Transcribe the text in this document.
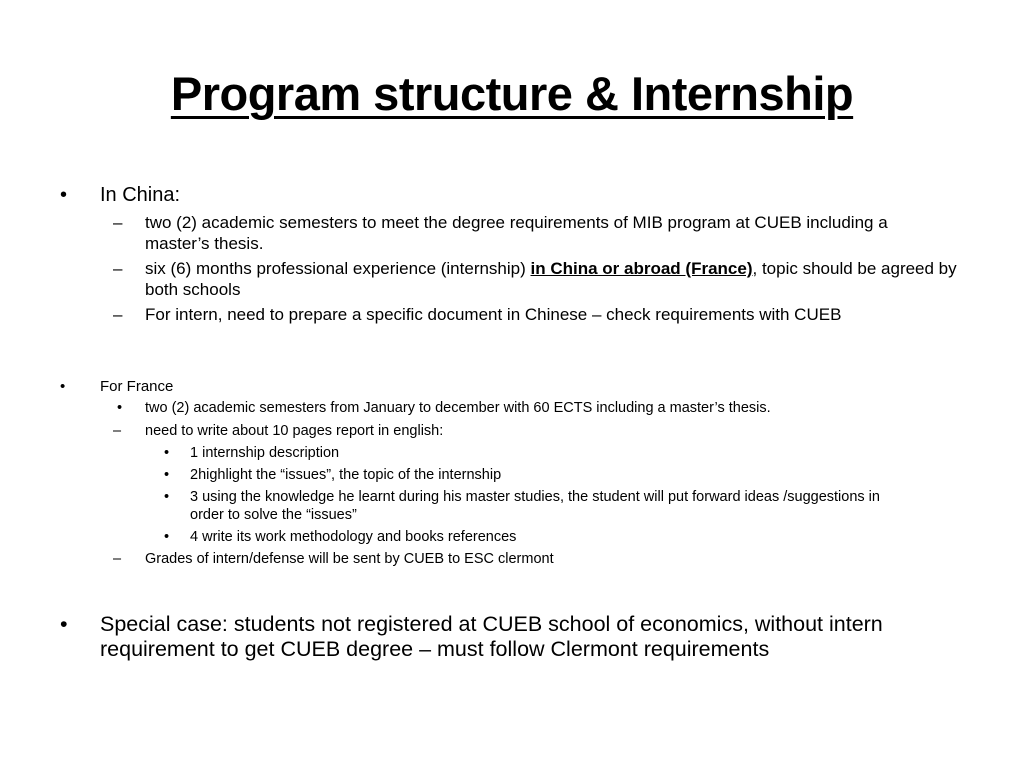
Program structure & Internship
• In China:
– two (2) academic semesters to meet the degree requirements of MIB program at CUEB including a master’s thesis.
– six (6) months professional experience (internship) in China or abroad (France), topic should be agreed by both schools
– For intern, need to prepare a specific document in Chinese – check requirements with CUEB
• For France
• two (2) academic semesters from January to december with 60 ECTS including a master’s thesis.
– need to write about 10 pages report in english:
• 1 internship description
• 2highlight the “issues”, the topic of the internship
• 3 using the knowledge he learnt during his master studies, the student will put forward ideas /suggestions in order to solve the “issues”
• 4 write its work methodology and books references
– Grades of intern/defense will be sent by CUEB to ESC clermont
• Special case: students not registered at CUEB school of economics, without intern requirement to get CUEB degree – must follow Clermont requirements
